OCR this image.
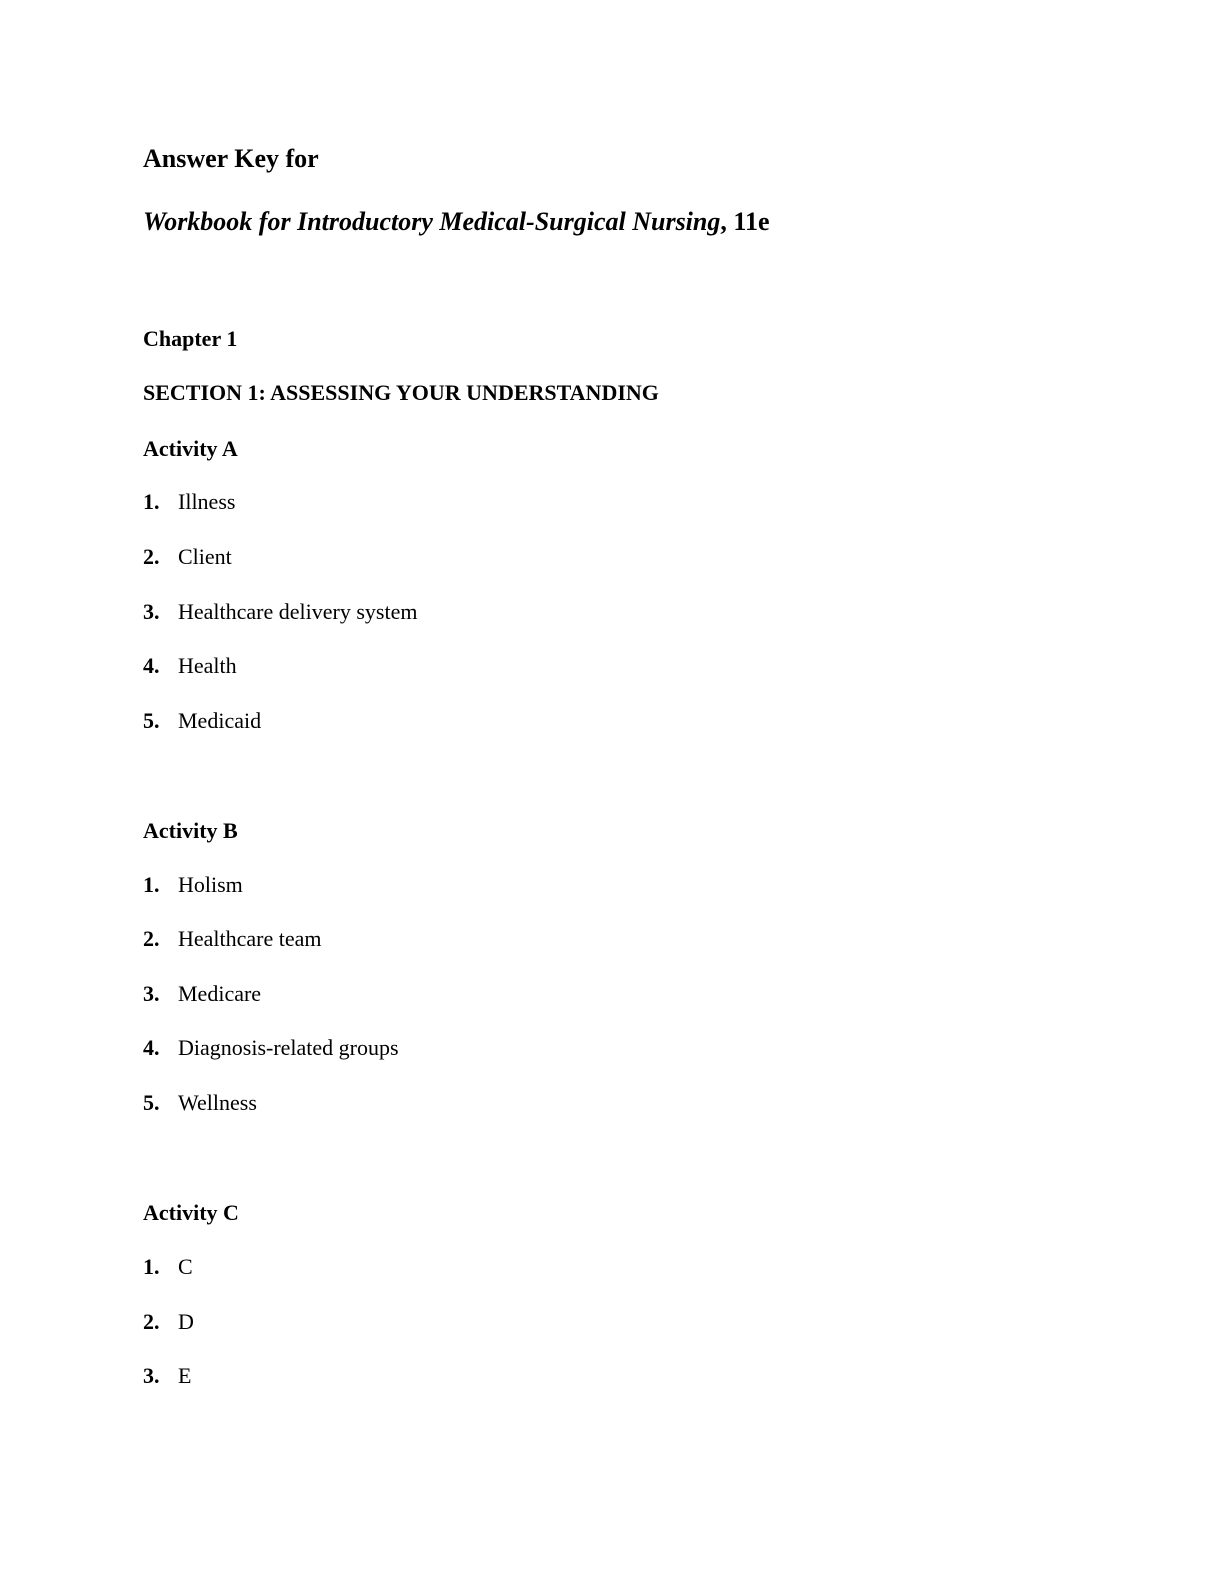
Answer Key for
Workbook for Introductory Medical-Surgical Nursing, 11e
Chapter 1
SECTION 1: ASSESSING YOUR UNDERSTANDING
Activity A
1. Illness
2. Client
3. Healthcare delivery system
4. Health
5. Medicaid
Activity B
1. Holism
2. Healthcare team
3. Medicare
4. Diagnosis-related groups
5. Wellness
Activity C
1. C
2. D
3. E
